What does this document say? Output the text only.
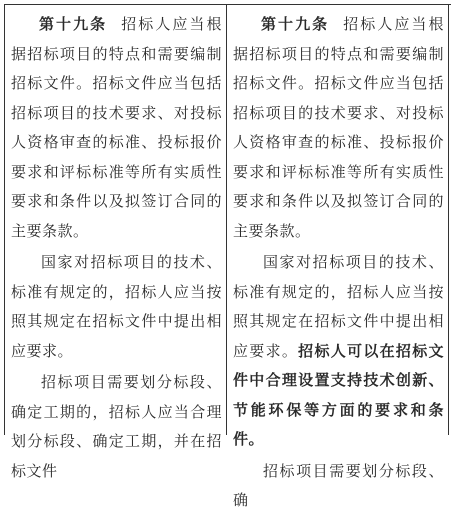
第十九条 招标人应当根据招标项目的特点和需要编制招标文件。招标文件应当包括招标项目的技术要求、对投标人资格审查的标准、投标报价要求和评标标准等所有实质性要求和条件以及拟签订合同的主要条款。

国家对招标项目的技术、标准有规定的，招标人应当按照其规定在招标文件中提出相应要求。

招标项目需要划分标段、确定工期的，招标人应当合理划分标段、确定工期，并在招标文件

第十九条 招标人应当根据招标项目的特点和需要编制招标文件。招标文件应当包括招标项目的技术要求、对投标人资格审查的标准、投标报价要求和评标标准等所有实质性要求和条件以及拟签订合同的主要条款。

国家对招标项目的技术、标准有规定的，招标人应当按照其规定在招标文件中提出相应要求。招标人可以在招标文件中合理设置支持技术创新、节能环保等方面的要求和条件。

招标项目需要划分标段、确
